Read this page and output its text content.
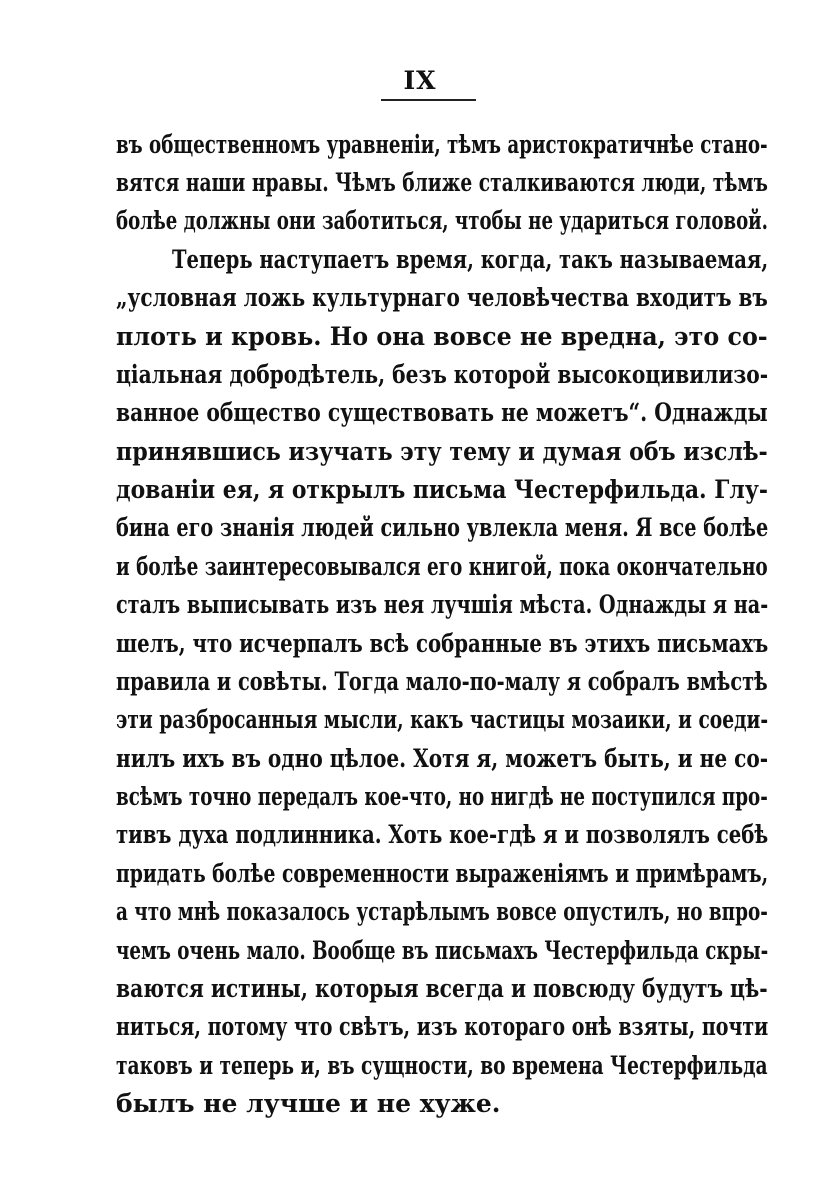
IX
въ общественномъ уравненіи, тѣмъ аристократичнѣе стано-
вятся наши нравы. Чѣмъ ближе сталкиваются люди, тѣмъ
болѣе должны они заботиться, чтобы не удариться головой.
Теперь наступаетъ время, когда, такъ называемая,
„условная ложь культурнаго человѣчества входитъ въ
плоть и кровь. Но она вовсе не вредна, это со-
ціальная добродѣтель, безъ которой высокоцивилизо-
ванное общество существовать не можетъ“. Однажды
принявшись изучать эту тему и думая объ изслѣ-
дованіи ея, я открылъ письма Честерфильда. Глу-
бина его знанія людей сильно увлекла меня. Я все болѣе
и болѣе заинтересовывался его книгой, пока окончательно
сталъ выписывать изъ нея лучшія мѣста. Однажды я на-
шелъ, что исчерпалъ всѣ собранные въ этихъ письмахъ
правила и совѣты. Тогда мало-по-малу я собралъ вмѣстѣ
эти разбросанныя мысли, какъ частицы мозаики, и соеди-
нилъ ихъ въ одно цѣлое. Хотя я, можетъ быть, и не со-
всѣмъ точно передалъ кое-что, но нигдѣ не поступился про-
тивъ духа подлинника. Хоть кое-гдѣ я и позволялъ себѣ
придать болѣе современности выраженіямъ и примѣрамъ,
а что мнѣ показалось устарѣлымъ вовсе опустилъ, но впро-
чемъ очень мало. Вообще въ письмахъ Честерфильда скры-
ваются истины, которыя всегда и повсюду будутъ цѣ-
ниться, потому что свѣтъ, изъ котораго онѣ взяты, почти
таковъ и теперь и, въ сущности, во времена Честерфильда
былъ не лучше и не хуже.
